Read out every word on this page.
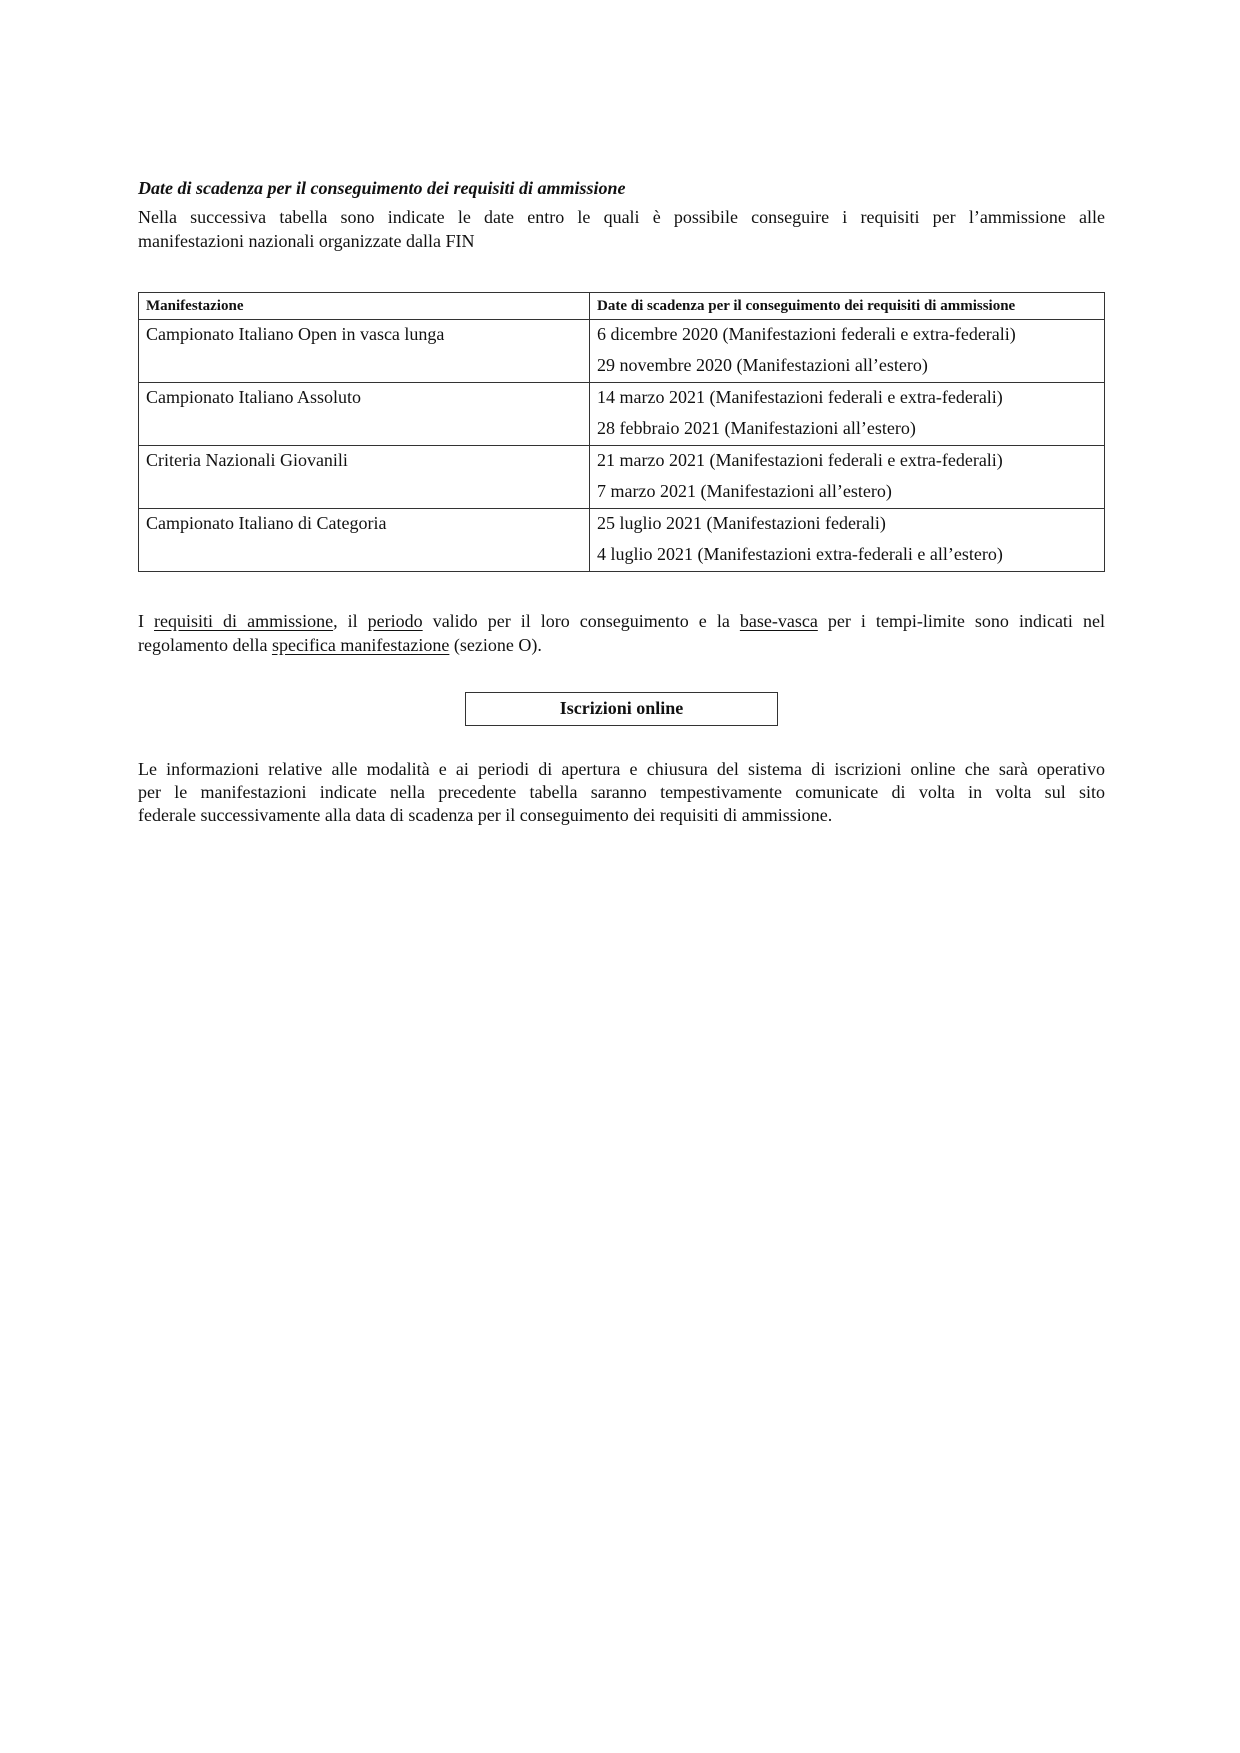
Date di scadenza per il conseguimento dei requisiti di ammissione

Nella successiva tabella sono indicate le date entro le quali è possibile conseguire i requisiti per l’ammissione alle
manifestazioni nazionali organizzate dalla FIN

Manifestazione	Date di scadenza per il conseguimento dei requisiti di ammissione

Campionato Italiano Open in vasca lunga	6 dicembre 2020 (Manifestazioni federali e extra-federali)
29 novembre 2020 (Manifestazioni all’estero)

Campionato Italiano Assoluto	14 marzo 2021 (Manifestazioni federali e extra-federali)
28 febbraio 2021 (Manifestazioni all’estero)

Criteria Nazionali Giovanili	21 marzo 2021 (Manifestazioni federali e extra-federali)
7 marzo 2021 (Manifestazioni all’estero)

Campionato Italiano di Categoria	25 luglio 2021 (Manifestazioni federali)
4 luglio 2021 (Manifestazioni extra-federali e all’estero)

I requisiti di ammissione, il periodo valido per il loro conseguimento e la base-vasca per i tempi-limite sono indicati nel
regolamento della specifica manifestazione (sezione O).

Iscrizioni online

Le informazioni relative alle modalità e ai periodi di apertura e chiusura del sistema di iscrizioni online che sarà operativo
per le manifestazioni indicate nella precedente tabella saranno tempestivamente comunicate di volta in volta sul sito
federale successivamente alla data di scadenza per il conseguimento dei requisiti di ammissione.
